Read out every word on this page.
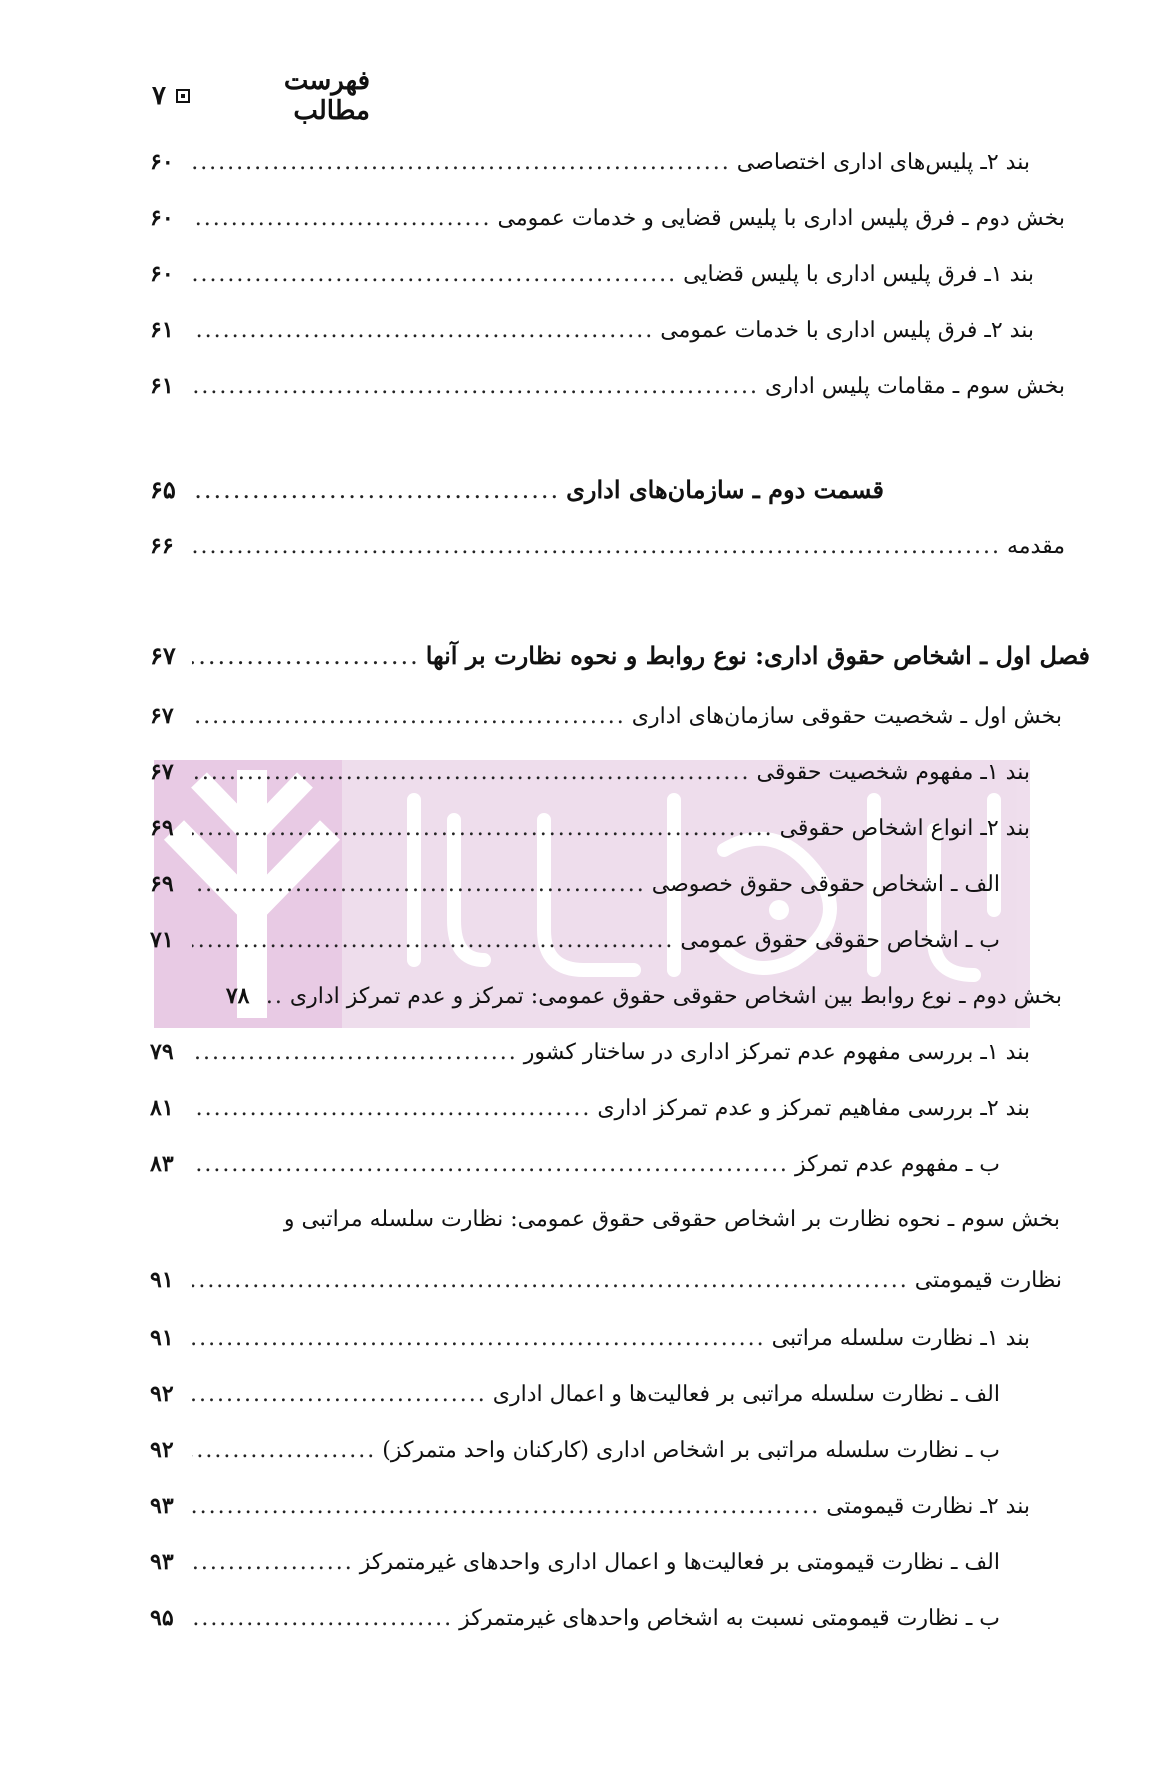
فهرست مطالب
۷
بند ۲ـ پلیس‌های اداری اختصاصی
.....
۶۰
بخش دوم ـ فرق پلیس اداری با پلیس قضایی و خدمات عمومی
.....
۶۰
بند ۱ـ فرق پلیس اداری با پلیس قضایی
.....
۶۰
بند ۲ـ فرق پلیس اداری با خدمات عمومی
.....
۶۱
بخش سوم ـ مقامات پلیس اداری
.....
۶۱
قسمت دوم ـ سازمان‌های اداری
.....
۶۵
مقدمه
.....
۶۶
فصل اول ـ اشخاص حقوق اداری: نوع روابط و نحوه نظارت بر آنها
.....
۶۷
بخش اول ـ شخصیت حقوقی سازمان‌های اداری
.....
۶۷
بند ۱ـ مفهوم شخصیت حقوقی
.....
۶۷
بند ۲ـ انواع اشخاص حقوقی
.....
۶۹
الف ـ اشخاص حقوقی حقوق خصوصی
.....
۶۹
ب ـ اشخاص حقوقی حقوق عمومی
.....
۷۱
بخش دوم ـ نوع روابط بین اشخاص حقوقی حقوق عمومی: تمرکز و عدم تمرکز اداری
.....
۷۸
بند ۱ـ بررسی مفهوم عدم تمرکز اداری در ساختار کشور
.....
۷۹
بند ۲ـ بررسی مفاهیم تمرکز و عدم تمرکز اداری
.....
۸۱
ب ـ مفهوم عدم تمرکز
.....
۸۳
بخش سوم ـ نحوه نظارت بر اشخاص حقوقی حقوق عمومی: نظارت سلسله مراتبی و
نظارت قیمومتی
.....
۹۱
بند ۱ـ نظارت سلسله مراتبی
.....
۹۱
الف ـ نظارت سلسله مراتبی بر فعالیت‌ها و اعمال اداری
.....
۹۲
ب ـ نظارت سلسله مراتبی بر اشخاص اداری (کارکنان واحد متمرکز)
.....
۹۲
بند ۲ـ نظارت قیمومتی
.....
۹۳
الف ـ نظارت قیمومتی بر فعالیت‌ها و اعمال اداری واحدهای غیرمتمرکز
.....
۹۳
ب ـ نظارت قیمومتی نسبت به اشخاص واحدهای غیرمتمرکز
.....
۹۵
